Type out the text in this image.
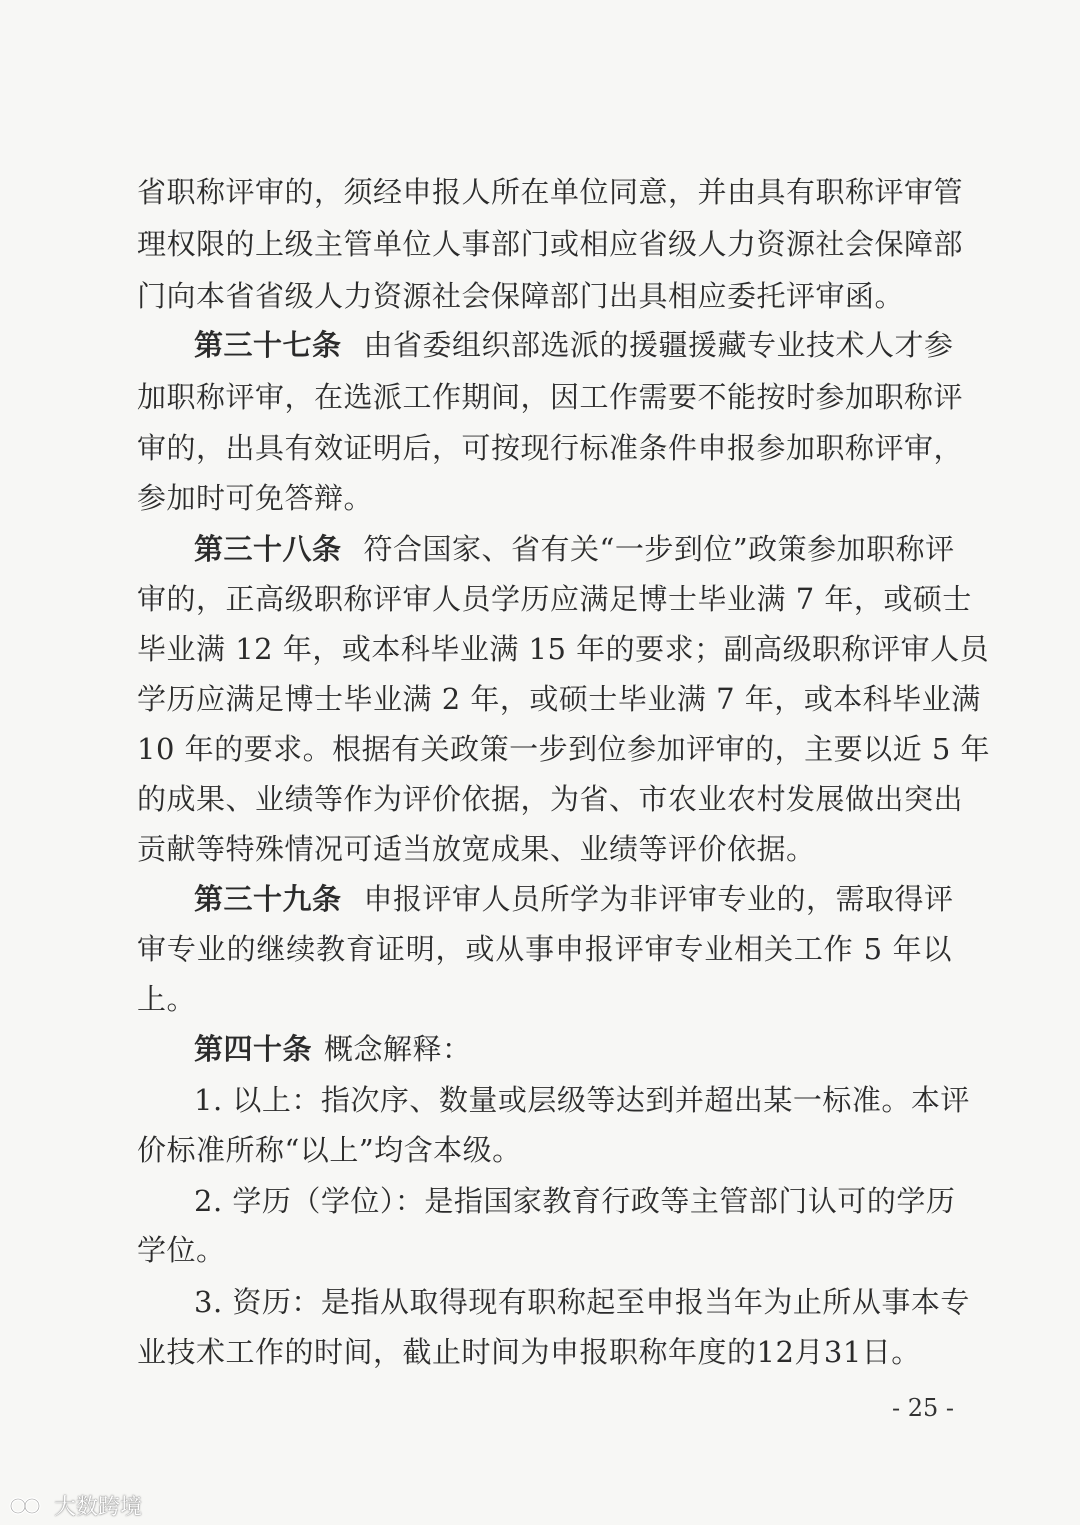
省职称评审的，须经申报人所在单位同意，并由具有职称评审管
理权限的上级主管单位人事部门或相应省级人力资源社会保障部
门向本省省级人力资源社会保障部门出具相应委托评审函。
第三十七条 由省委组织部选派的援疆援藏专业技术人才参
加职称评审，在选派工作期间，因工作需要不能按时参加职称评
审的，出具有效证明后，可按现行标准条件申报参加职称评审，
参加时可免答辩。
第三十八条 符合国家、省有关“一步到位”政策参加职称评
审的，正高级职称评审人员学历应满足博士毕业满 7 年，或硕士
毕业满 12 年，或本科毕业满 15 年的要求；副高级职称评审人员
学历应满足博士毕业满 2 年，或硕士毕业满 7 年，或本科毕业满
10 年的要求。根据有关政策一步到位参加评审的，主要以近 5 年
的成果、业绩等作为评价依据，为省、市农业农村发展做出突出
贡献等特殊情况可适当放宽成果、业绩等评价依据。
第三十九条 申报评审人员所学为非评审专业的，需取得评
审专业的继续教育证明，或从事申报评审专业相关工作 5 年以
上。
第四十条 概念解释：
1. 以上：指次序、数量或层级等达到并超出某一标准。本评
价标准所称“以上”均含本级。
2. 学历（学位）：是指国家教育行政等主管部门认可的学历
学位。
3. 资历：是指从取得现有职称起至申报当年为止所从事本专
业技术工作的时间，截止时间为申报职称年度的12月31日。
- 25 -
大数跨境
